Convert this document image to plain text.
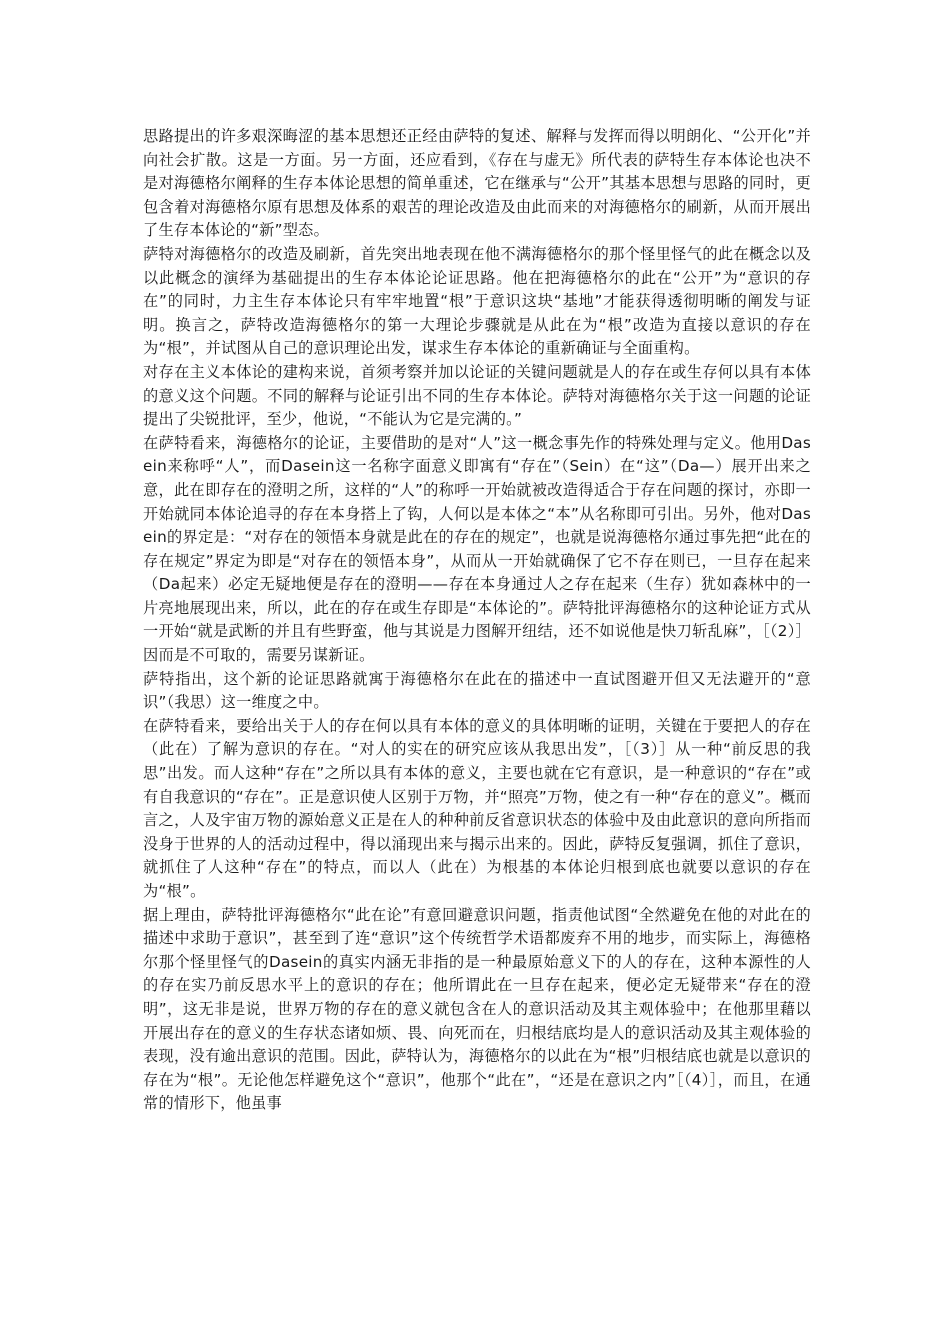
思路提出的许多艰深晦涩的基本思想还正经由萨特的复述、解释与发挥而得以明朗化、“公开化”并向社会扩散。这是一方面。另一方面，还应看到，《存在与虚无》所代表的萨特生存本体论也决不是对海德格尔阐释的生存本体论思想的简单重述，它在继承与“公开”其基本思想与思路的同时，更包含着对海德格尔原有思想及体系的艰苦的理论改造及由此而来的对海德格尔的刷新，从而开展出了生存本体论的“新”型态。

萨特对海德格尔的改造及刷新，首先突出地表现在他不满海德格尔的那个怪里怪气的此在概念以及以此概念的演绎为基础提出的生存本体论论证思路。他在把海德格尔的此在“公开”为“意识的存在”的同时，力主生存本体论只有牢牢地置“根”于意识这块“基地”才能获得透彻明晰的阐发与证明。换言之，萨特改造海德格尔的第一大理论步骤就是从此在为“根”改造为直接以意识的存在为“根”，并试图从自己的意识理论出发，谋求生存本体论的重新确证与全面重构。

对存在主义本体论的建构来说，首须考察并加以论证的关键问题就是人的存在或生存何以具有本体的意义这个问题。不同的解释与论证引出不同的生存本体论。萨特对海德格尔关于这一问题的论证提出了尖锐批评，至少，他说，“不能认为它是完满的。”

在萨特看来，海德格尔的论证，主要借助的是对“人”这一概念事先作的特殊处理与定义。他用Dasein来称呼“人”，而Dasein这一名称字面意义即寓有“存在”（Sein）在“这”（Da—）展开出来之意，此在即存在的澄明之所，这样的“人”的称呼一开始就被改造得适合于存在问题的探讨，亦即一开始就同本体论追寻的存在本身搭上了钩，人何以是本体之“本”从名称即可引出。另外，他对Dasein的界定是：“对存在的领悟本身就是此在的存在的规定”，也就是说海德格尔通过事先把“此在的存在规定”界定为即是“对存在的领悟本身”，从而从一开始就确保了它不存在则已，一旦存在起来（Da起来）必定无疑地便是存在的澄明——存在本身通过人之存在起来（生存）犹如森林中的一片亮地展现出来，所以，此在的存在或生存即是“本体论的”。萨特批评海德格尔的这种论证方式从一开始“就是武断的并且有些野蛮，他与其说是力图解开纽结，还不如说他是快刀斩乱麻”，［（2）］因而是不可取的，需要另谋新证。

萨特指出，这个新的论证思路就寓于海德格尔在此在的描述中一直试图避开但又无法避开的“意识”（我思）这一维度之中。

在萨特看来，要给出关于人的存在何以具有本体的意义的具体明晰的证明，关键在于要把人的存在（此在）了解为意识的存在。“对人的实在的研究应该从我思出发”，［（3）］从一种“前反思的我思”出发。而人这种“存在”之所以具有本体的意义，主要也就在它有意识，是一种意识的“存在”或有自我意识的“存在”。正是意识使人区别于万物，并“照亮”万物，使之有一种“存在的意义”。概而言之，人及宇宙万物的源始意义正是在人的种种前反省意识状态的体验中及由此意识的意向所指而没身于世界的人的活动过程中，得以涌现出来与揭示出来的。因此，萨特反复强调，抓住了意识，就抓住了人这种“存在”的特点，而以人（此在）为根基的本体论归根到底也就要以意识的存在为“根”。

据上理由，萨特批评海德格尔“此在论”有意回避意识问题，指责他试图“全然避免在他的对此在的描述中求助于意识”，甚至到了连“意识”这个传统哲学术语都废弃不用的地步，而实际上，海德格尔那个怪里怪气的Dasein的真实内涵无非指的是一种最原始意义下的人的存在，这种本源性的人的存在实乃前反思水平上的意识的存在；他所谓此在一旦存在起来，便必定无疑带来“存在的澄明”，这无非是说，世界万物的存在的意义就包含在人的意识活动及其主观体验中；在他那里藉以开展出存在的意义的生存状态诸如烦、畏、向死而在，归根结底均是人的意识活动及其主观体验的表现，没有逾出意识的范围。因此，萨特认为，海德格尔的以此在为“根”归根结底也就是以意识的存在为“根”。无论他怎样避免这个“意识”，他那个“此在”，“还是在意识之内”［（4）］，而且，在通常的情形下，他虽事
